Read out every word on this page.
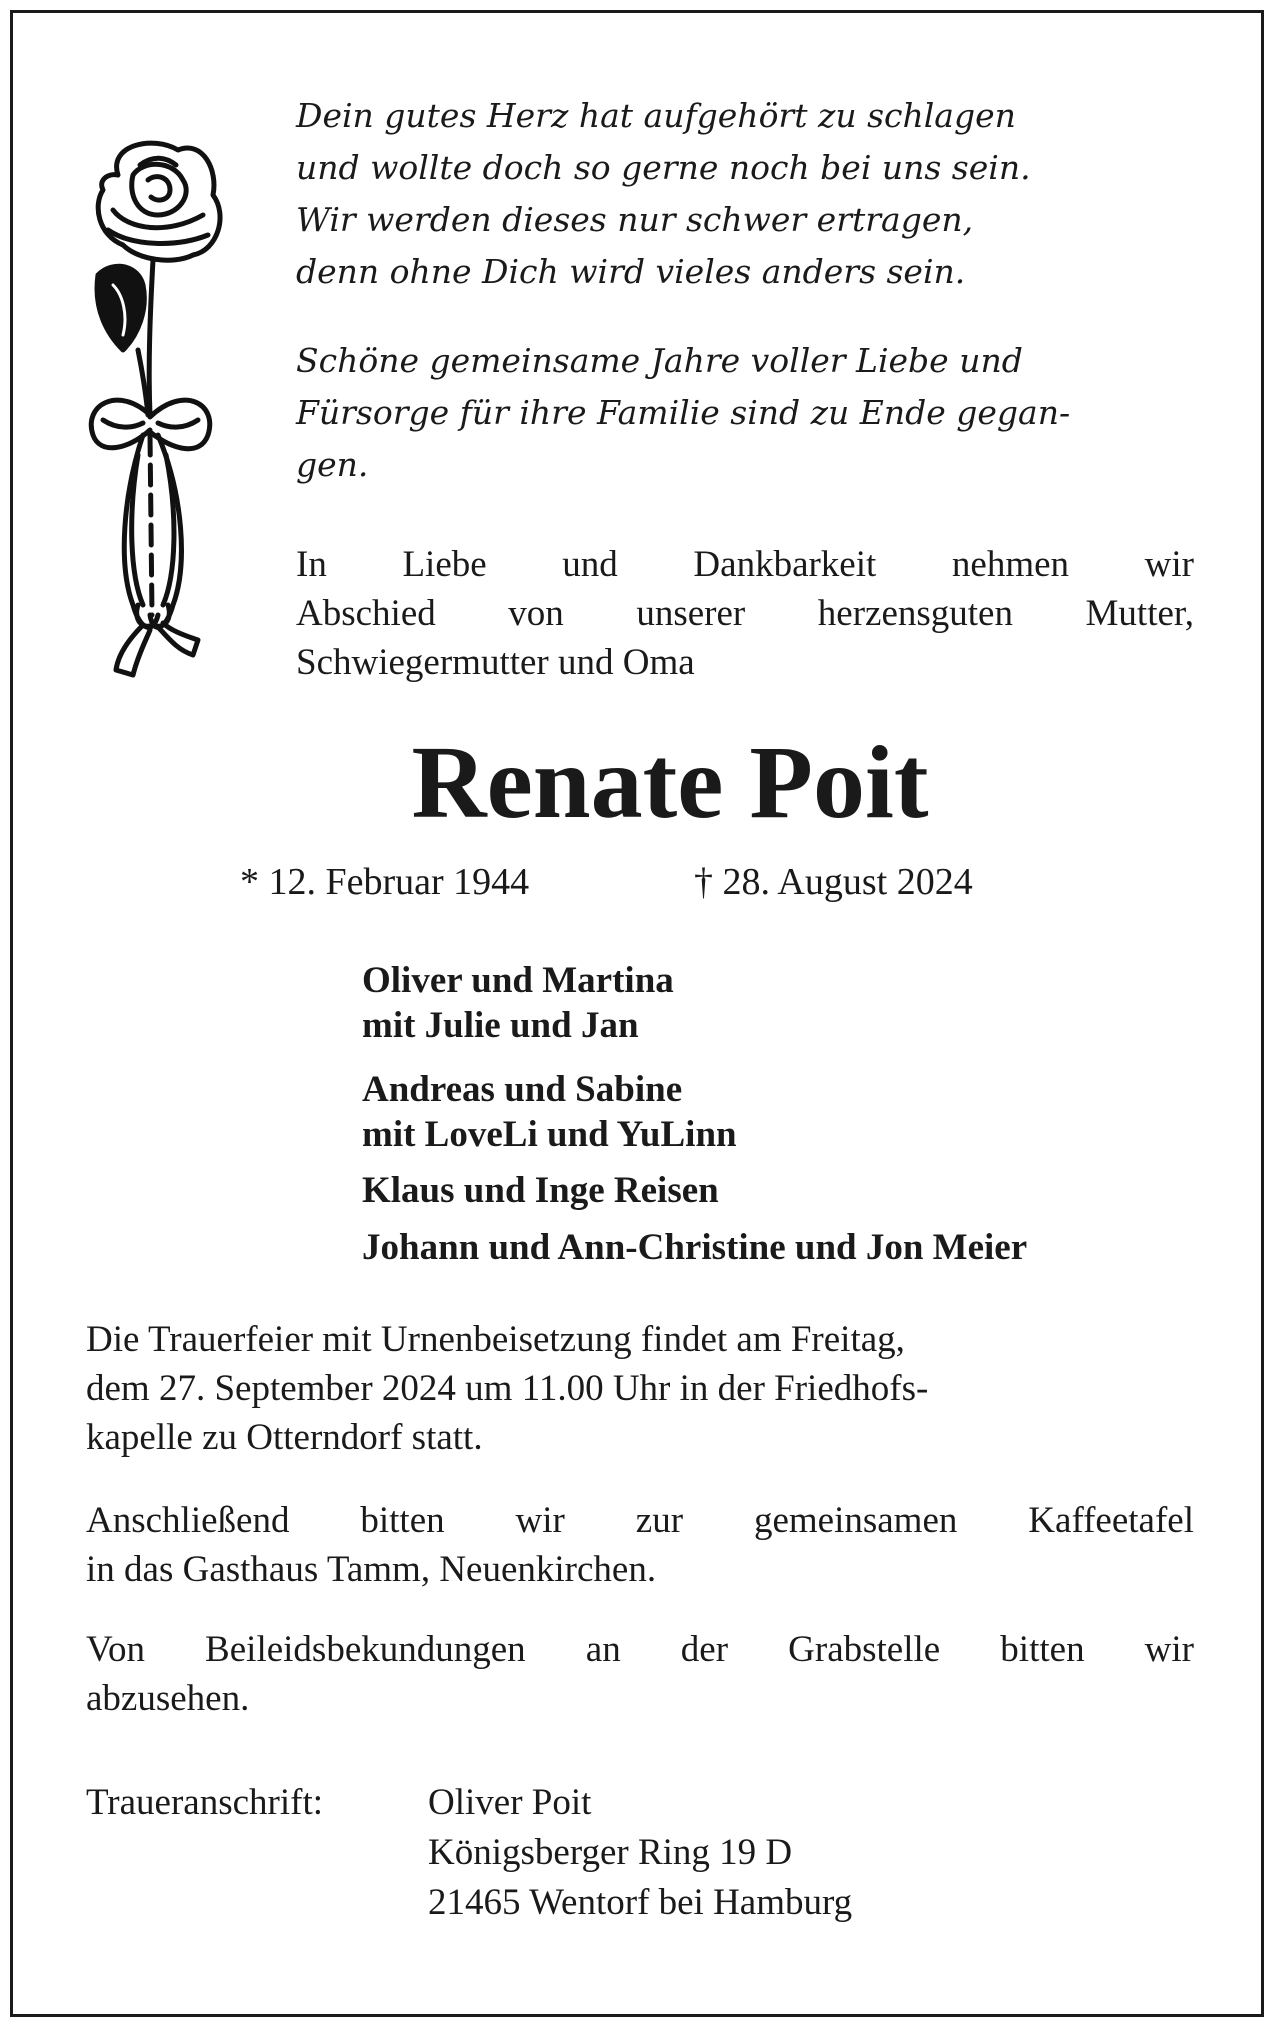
Dein gutes Herz hat aufgehört zu schlagen
und wollte doch so gerne noch bei uns sein.
Wir werden dieses nur schwer ertragen,
denn ohne Dich wird vieles anders sein.
Schöne gemeinsame Jahre voller Liebe und
Fürsorge für ihre Familie sind zu Ende gegan-
gen.
In Liebe und Dankbarkeit nehmen wir
Abschied von unserer herzensguten Mutter,
Schwiegermutter und Oma
Renate Poit
* 12. Februar 1944	† 28. August 2024
Oliver und Martina
mit Julie und Jan
Andreas und Sabine
mit LoveLi und YuLinn
Klaus und Inge Reisen
Johann und Ann-Christine und Jon Meier
Die Trauerfeier mit Urnenbeisetzung findet am Freitag,
dem 27. September 2024 um 11.00 Uhr in der Friedhofs-
kapelle zu Otterndorf statt.
Anschließend bitten wir zur gemeinsamen Kaffeetafel
in das Gasthaus Tamm, Neuenkirchen.
Von Beileidsbekundungen an der Grabstelle bitten wir
abzusehen.
Traueranschrift:	Oliver Poit
Königsberger Ring 19 D
21465 Wentorf bei Hamburg
